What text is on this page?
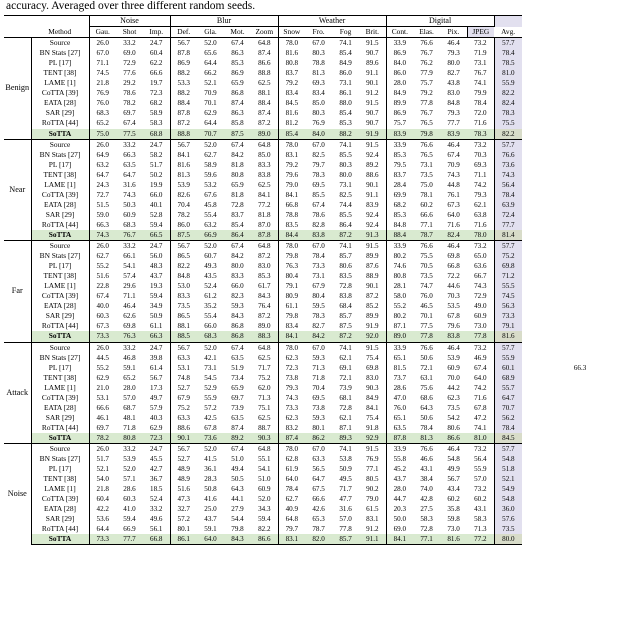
accuracy. Averaged over three different random seeds.
		Noise			Blur				Weather				Digital					
	Method	Gau.	Shot	Imp.	Def.	Gla.	Mot.	Zoom	Snow	Fro.	Fog	Brit.	Cont.	Elas.	Pix.	JPEG	Avg.	
Benign	Source	26.0	33.2	24.7	56.7	52.0	67.4	64.8	78.0	67.0	74.1	91.5	33.9	76.6	46.4	73.2	57.7	
	BN Stats [27]	67.0	69.0	60.4	87.8	65.6	86.3	87.4	81.6	80.3	85.4	90.7	86.9	76.7	79.3	71.9	78.4	
	PL [17]	71.1	72.9	62.2	86.9	64.4	85.3	86.6	80.8	78.8	84.9	89.6	84.0	76.2	80.0	73.1	78.5	
	TENT [38]	74.5	77.6	66.6	88.2	66.2	86.9	88.8	83.7	81.3	86.0	91.1	86.0	77.9	82.7	76.7	81.0	
	LAME [1]	21.8	29.2	19.7	53.3	52.1	65.9	62.5	79.2	69.3	73.1	90.1	28.0	75.7	43.8	74.1	55.9	
	CoTTA [39]	76.9	78.6	72.3	88.2	70.9	86.8	88.1	83.4	83.4	86.1	91.2	84.9	79.2	83.0	79.9	82.2	
	EATA [28]	76.0	78.2	68.2	88.4	70.1	87.4	88.4	84.5	85.0	88.0	91.5	89.9	77.8	84.8	78.4	82.4	
	SAR [29]	68.3	69.7	58.9	87.8	62.9	86.3	87.4	81.6	80.3	85.4	90.7	86.9	76.7	79.3	72.0	78.3	
	RoTTA [44]	65.2	67.4	58.3	87.2	64.4	85.8	87.2	81.2	76.9	85.3	90.7	75.7	76.5	77.7	71.6	75.5	
	SoTTA	75.0	77.5	68.8	88.8	70.7	87.5	89.0	85.4	84.0	88.2	91.9	83.9	79.8	83.9	78.3	82.2	
Near	Source	26.0	33.2	24.7	56.7	52.0	67.4	64.8	78.0	67.0	74.1	91.5	33.9	76.6	46.4	73.2	57.7	
	BN Stats [27]	64.9	66.3	58.2	84.1	62.7	84.2	85.0	83.1	82.5	85.5	92.4	85.3	76.5	67.4	70.3	76.6	
	PL [17]	63.2	63.5	51.7	81.6	58.9	81.8	83.3	79.2	79.7	80.3	89.2	79.5	73.1	70.9	69.3	73.6	
	TENT [38]	64.7	64.7	50.2	81.3	59.6	80.8	83.8	79.6	78.3	80.0	88.6	83.7	73.5	74.3	71.1	74.3	
	LAME [1]	24.3	31.6	19.9	53.9	53.2	65.9	62.5	79.0	69.5	73.1	90.1	28.4	75.0	44.8	74.2	56.4	
	CoTTA [39]	72.7	74.3	66.0	82.6	67.6	81.8	84.1	84.1	85.5	82.5	91.1	69.9	78.1	76.1	79.3	78.4	
	EATA [28]	51.5	50.3	40.1	70.4	45.8	72.8	77.2	66.8	67.4	74.4	83.9	68.2	60.2	67.3	62.1	63.9	
	SAR [29]	59.0	60.9	52.8	78.2	55.4	83.7	81.8	78.8	78.6	85.5	92.4	85.3	66.6	64.0	63.8	72.4	
	RoTTA [44]	66.3	68.3	59.4	86.0	63.2	85.4	87.0	83.5	82.8	86.4	92.4	84.8	77.1	71.6	71.6	77.7	
	SoTTA	74.3	76.7	66.5	87.5	66.9	86.4	87.8	84.4	83.8	87.2	91.3	88.4	78.7	82.4	78.0	81.4	
Far	Source	26.0	33.2	24.7	56.7	52.0	67.4	64.8	78.0	67.0	74.1	91.5	33.9	76.6	46.4	73.2	57.7	
	BN Stats [27]	62.7	66.1	56.0	86.5	60.7	84.2	87.2	79.8	78.4	85.7	89.9	80.2	75.5	69.8	65.0	75.2	
	PL [17]	55.2	54.1	48.3	82.2	49.3	80.0	83.0	76.3	73.3	80.6	87.6	74.6	70.5	66.8	63.6	69.8	
	TENT [38]	51.6	57.4	43.7	84.8	43.5	83.3	85.3	80.4	73.1	83.5	88.9	80.8	73.5	72.2	66.7	71.2	
	LAME [1]	22.8	29.6	19.3	53.0	52.4	66.0	61.7	79.1	67.9	72.8	90.1	28.1	74.7	44.6	74.3	55.5	
	CoTTA [39]	67.4	71.1	59.4	83.3	61.2	82.3	84.3	80.9	80.4	83.8	87.2	58.0	76.0	70.3	72.9	74.5	
	EATA [28]	40.0	46.4	34.9	73.5	35.2	59.3	76.4	61.1	59.5	68.4	85.2	55.2	46.5	53.5	49.0	56.3	
	SAR [29]	60.3	62.6	50.9	86.5	55.4	84.3	87.2	79.8	78.3	85.7	89.9	80.2	70.1	67.8	60.9	73.3	
	RoTTA [44]	67.3	69.8	61.1	88.1	66.0	86.8	89.0	83.4	82.7	87.5	91.9	87.1	77.5	79.6	73.0	79.1	
	SoTTA	73.3	76.3	66.3	88.5	68.3	86.8	88.3	84.1	84.2	87.2	92.0	89.0	77.8	83.8	77.8	81.6	
Attack	Source	26.0	33.2	24.7	56.7	52.0	67.4	64.8	78.0	67.0	74.1	91.5	33.9	76.6	46.4	73.2	57.7	
	BN Stats [27]	44.5	46.8	39.8	63.3	42.1	63.5	62.5	62.3	59.3	62.1	75.4	65.1	50.6	53.9	46.9	55.9	
	PL [17]	55.2	59.1	61.4	53.1	73.1	51.9	71.7	72.3	71.3	69.1	69.8	81.5	72.1	60.9	67.4	60.1	66.3
	TENT [38]	62.9	65.2	56.7	74.8	54.5	73.4	75.2	73.8	71.8	72.1	83.0	73.7	63.1	70.0	64.0	68.9	
	LAME [1]	21.0	28.0	17.3	52.7	52.9	65.9	62.0	79.3	70.4	73.9	90.3	28.6	75.6	44.2	74.2	55.7	
	CoTTA [39]	53.1	57.0	49.7	67.9	55.9	69.7	71.3	74.3	69.5	68.1	84.9	47.0	68.6	62.3	71.6	64.7	
	EATA [28]	66.6	68.7	57.9	75.2	57.2	73.9	75.1	73.3	73.8	72.8	84.1	76.0	64.3	73.5	67.8	70.7	
	SAR [29]	46.1	48.1	40.3	63.3	42.5	63.5	62.5	62.3	59.3	62.1	75.4	65.1	50.6	54.2	47.2	56.2	
	RoTTA [44]	69.7	71.8	62.9	88.6	67.8	87.4	88.7	83.2	80.1	87.1	91.8	63.5	78.4	80.6	74.1	78.4	
	SoTTA	78.2	80.8	72.3	90.1	73.6	89.2	90.3	87.4	86.2	89.3	92.9	87.8	81.3	86.6	81.0	84.5	
Noise	Source	26.0	33.2	24.7	56.7	52.0	67.4	64.8	78.0	67.0	74.1	91.5	33.9	76.6	46.4	73.2	57.7	
	BN Stats [27]	51.7	53.9	45.5	52.7	41.5	51.0	55.1	62.8	63.3	53.8	76.9	55.8	46.6	54.8	56.4	54.8	
	PL [17]	52.1	52.0	42.7	48.9	36.1	49.4	54.1	61.9	56.5	50.9	77.1	45.2	43.1	49.9	55.9	51.8	
	TENT [38]	54.0	57.1	36.7	48.9	28.3	50.5	51.0	64.0	64.7	49.5	80.5	43.7	38.4	56.7	57.0	52.1	
	LAME [1]	21.8	28.6	18.5	51.6	50.8	64.3	60.9	78.4	67.5	71.7	90.2	28.0	74.0	43.4	73.2	54.9	
	CoTTA [39]	60.4	60.3	52.4	47.3	41.6	44.1	52.0	62.7	66.6	47.7	79.0	44.7	42.8	60.2	60.2	54.8	
	EATA [28]	42.2	41.0	33.2	32.7	25.0	27.9	34.3	40.9	42.6	31.6	61.5	20.3	27.5	35.8	43.1	36.0	
	SAR [29]	53.6	59.4	49.6	57.2	43.7	54.4	59.4	64.8	65.3	57.0	83.1	50.0	58.3	59.8	58.3	57.6	
	RoTTA [44]	64.4	66.9	56.1	80.1	59.1	79.8	82.2	79.7	78.7	77.8	91.2	69.0	72.8	73.0	71.3	73.5	
	SoTTA	73.3	77.7	66.8	86.1	64.0	84.3	86.6	83.1	82.0	85.7	91.1	84.1	77.1	81.6	77.2	80.0	
